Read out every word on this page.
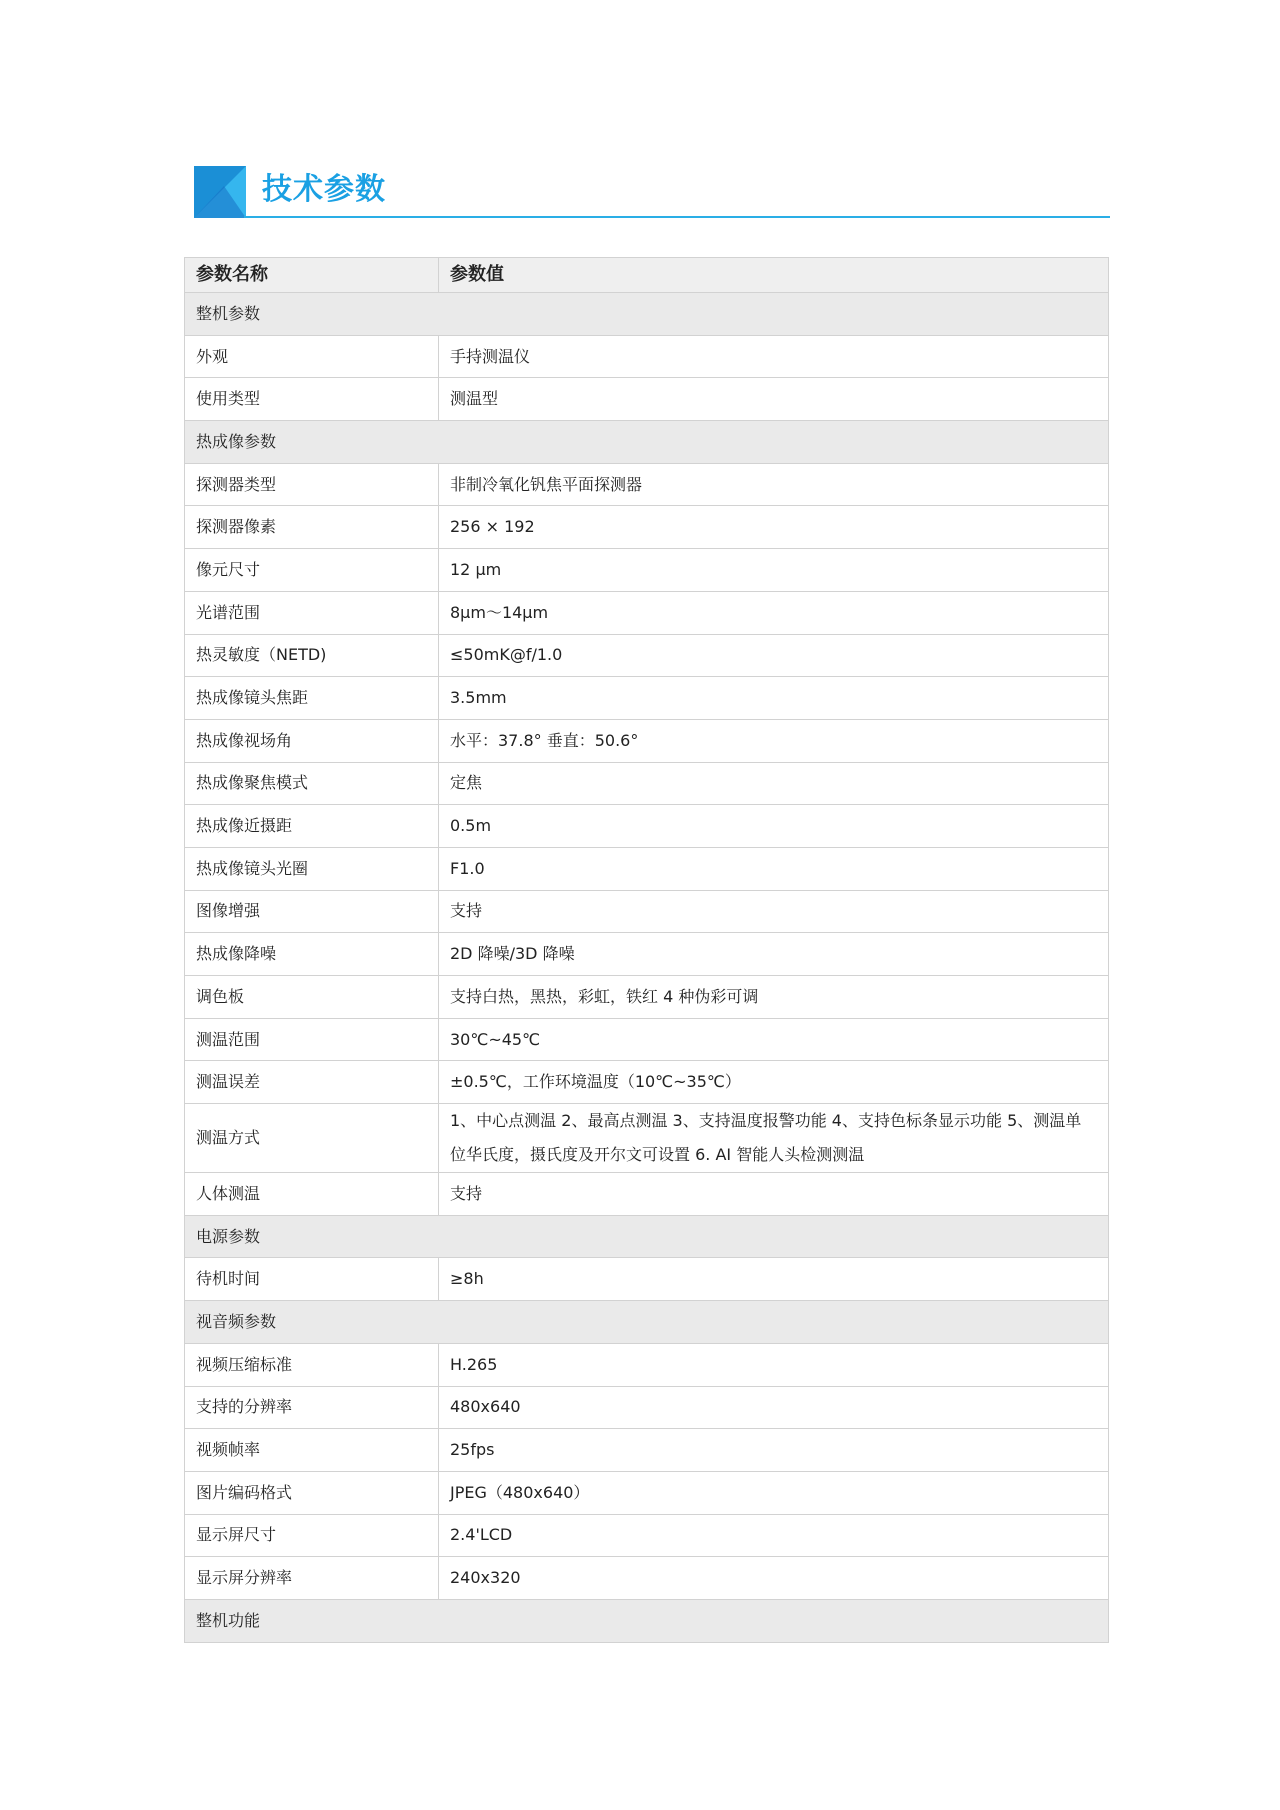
技术参数
参数名称	参数值
整机参数	
外观	手持测温仪
使用类型	测温型
热成像参数	
探测器类型	非制冷氧化钒焦平面探测器
探测器像素	256 × 192
像元尺寸	12 μm
光谱范围	8μm～14μm
热灵敏度（NETD)	≤50mK@f/1.0
热成像镜头焦距	3.5mm
热成像视场角	水平：37.8° 垂直：50.6°
热成像聚焦模式	定焦
热成像近摄距	0.5m
热成像镜头光圈	F1.0
图像增强	支持
热成像降噪	2D 降噪/3D 降噪
调色板	支持白热，黑热，彩虹，铁红 4 种伪彩可调
测温范围	30℃~45℃
测温误差	±0.5℃，工作环境温度（10℃~35℃）
测温方式	1、中心点测温 2、最高点测温 3、支持温度报警功能 4、支持色标条显示功能 5、测温单位华氏度，摄氏度及开尔文可设置 6. AI 智能人头检测测温
人体测温	支持
电源参数	
待机时间	≥8h
视音频参数	
视频压缩标准	H.265
支持的分辨率	480x640
视频帧率	25fps
图片编码格式	JPEG（480x640）
显示屏尺寸	2.4'LCD
显示屏分辨率	240x320
整机功能	
